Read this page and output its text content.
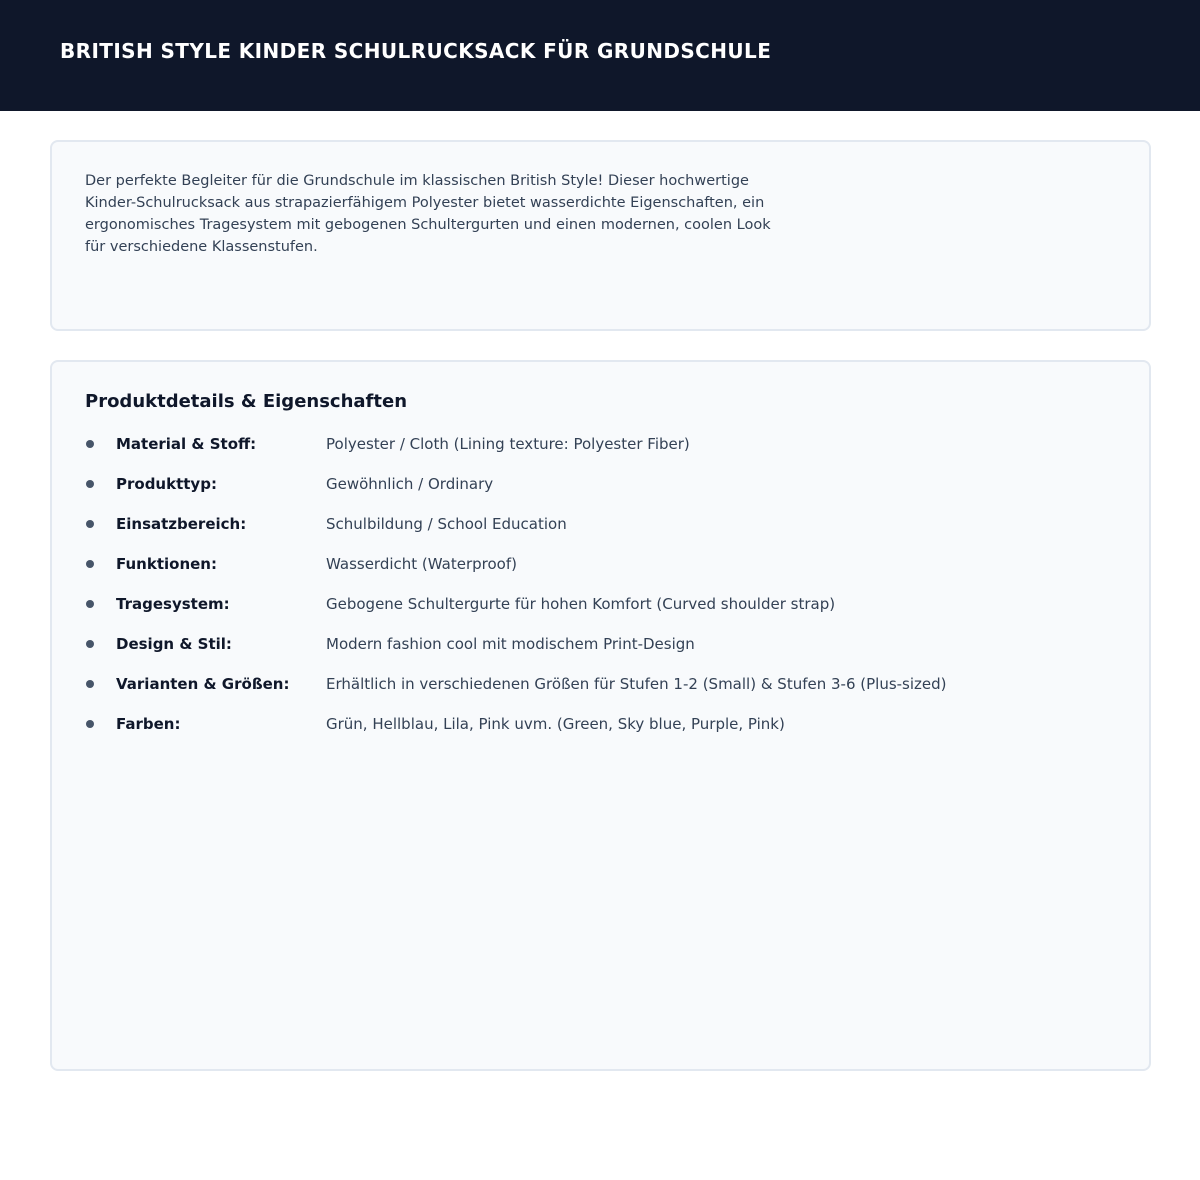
BRITISH STYLE KINDER SCHULRUCKSACK FÜR GRUNDSCHULE

Der perfekte Begleiter für die Grundschule im klassischen British Style! Dieser hochwertige Kinder-Schulrucksack aus strapazierfähigem Polyester bietet wasserdichte Eigenschaften, ein ergonomisches Tragesystem mit gebogenen Schultergurten und einen modernen, coolen Look für verschiedene Klassenstufen.

Produktdetails & Eigenschaften
Material & Stoff:	Polyester / Cloth (Lining texture: Polyester Fiber)
Produkttyp:	Gewöhnlich / Ordinary
Einsatzbereich:	Schulbildung / School Education
Funktionen:	Wasserdicht (Waterproof)
Tragesystem:	Gebogene Schultergurte für hohen Komfort (Curved shoulder strap)
Design & Stil:	Modern fashion cool mit modischem Print-Design
Varianten & Größen: Erhältlich in verschiedenen Größen für Stufen 1-2 (Small) & Stufen 3-6 (Plus-sized)
Farben:	Grün, Hellblau, Lila, Pink uvm. (Green, Sky blue, Purple, Pink)
